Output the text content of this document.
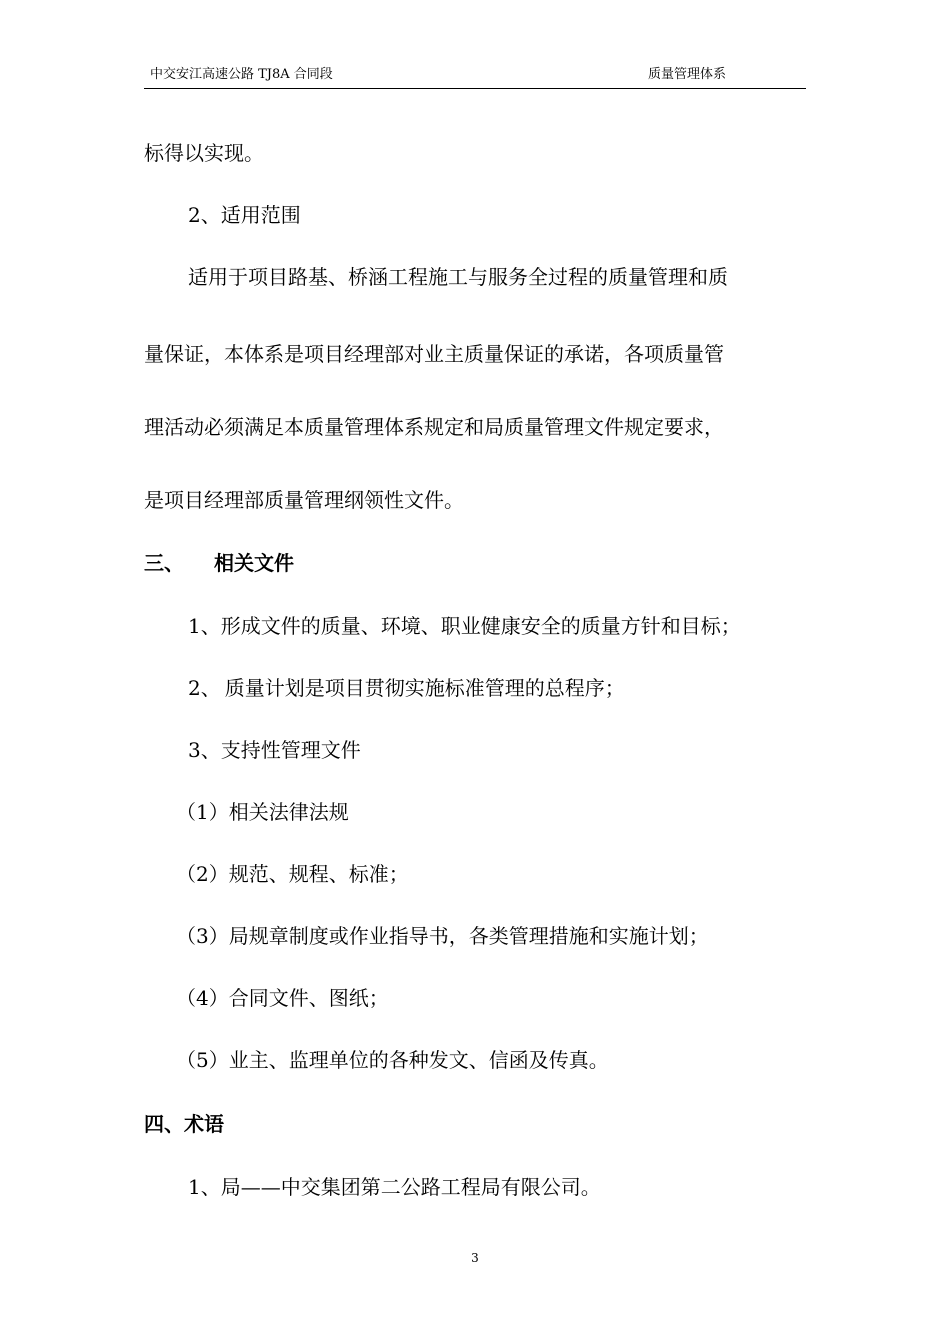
中交安江高速公路 TJ8A 合同段	质量管理体系
标得以实现。
2、适用范围
适用于项目路基、桥涵工程施工与服务全过程的质量管理和质
量保证，本体系是项目经理部对业主质量保证的承诺，各项质量管
理活动必须满足本质量管理体系规定和局质量管理文件规定要求，
是项目经理部质量管理纲领性文件。
三、 相关文件
1、形成文件的质量、环境、职业健康安全的质量方针和目标；
2、 质量计划是项目贯彻实施标准管理的总程序；
3、支持性管理文件
（1）相关法律法规
（2）规范、规程、标准；
（3）局规章制度或作业指导书，各类管理措施和实施计划；
（4）合同文件、图纸；
（5）业主、监理单位的各种发文、信函及传真。
四、术语
1、局——中交集团第二公路工程局有限公司。
3
